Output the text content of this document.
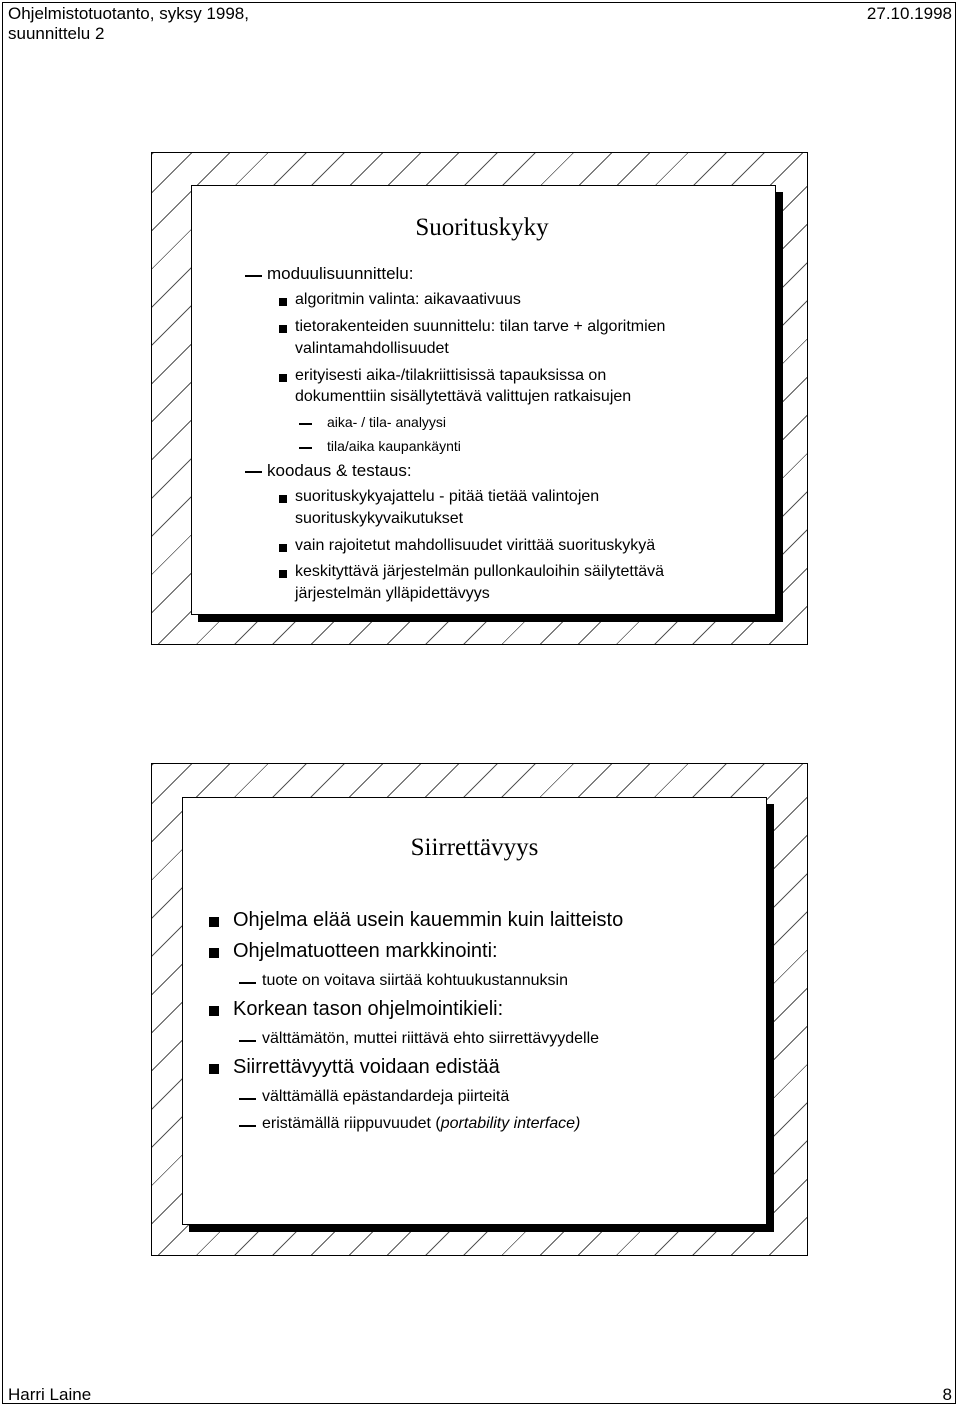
Ohjelmistotuotanto, syksy 1998,
suunnittelu 2
27.10.1998
Suorituskyky
moduulisuunnittelu:
algoritmin valinta: aikavaativuus
tietorakenteiden suunnittelu: tilan tarve + algoritmien
valintamahdollisuudet
erityisesti aika-/tilakriittisissä tapauksissa on
dokumenttiin sisällytettävä valittujen ratkaisujen
aika- / tila- analyysi
tila/aika kaupankäynti
koodaus & testaus:
suorituskykyajattelu - pitää tietää valintojen
suorituskykyvaikutukset
vain rajoitetut mahdollisuudet virittää suorituskykyä
keskityttävä järjestelmän pullonkauloihin säilytettävä
järjestelmän ylläpidettävyys
Siirrettävyys
Ohjelma elää usein kauemmin kuin laitteisto
Ohjelmatuotteen markkinointi:
tuote on voitava siirtää kohtuukustannuksin
Korkean tason ohjelmointikieli:
välttämätön, muttei riittävä ehto siirrettävyydelle
Siirrettävyyttä voidaan edistää
välttämällä epästandardeja piirteitä
eristämällä riippuvuudet (portability interface)
Harri Laine	8
